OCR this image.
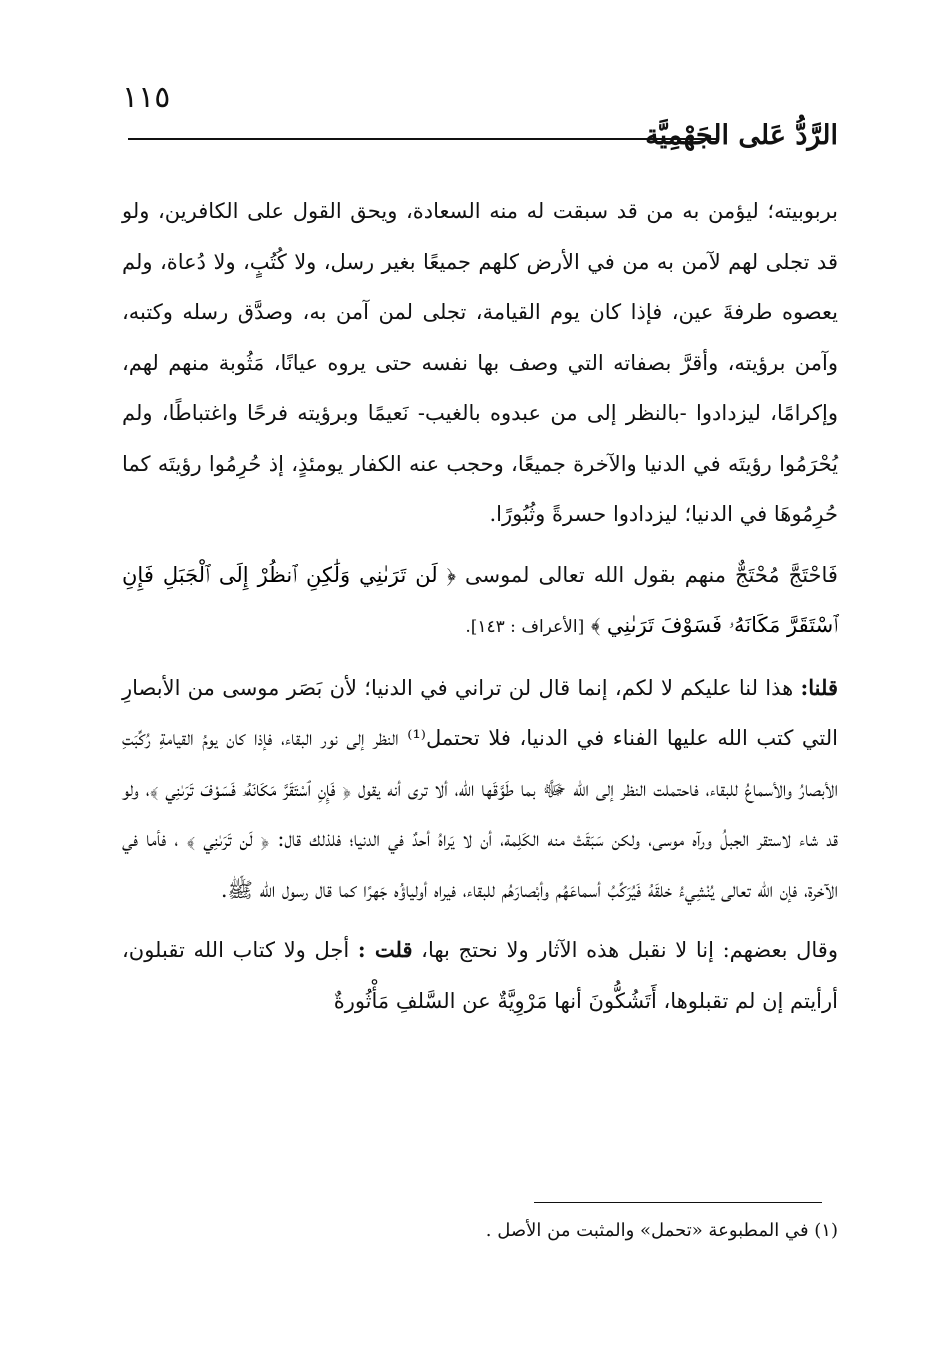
١١٥
الرَّدُّ عَلى الجَهْمِيَّة

بربوبيته؛ ليؤمن به من قد سبقت له منه السعادة، ويحق القول على الكافرين، ولو قد تجلى لهم لآمن به من في الأرض كلهم جميعًا بغير رسل، ولا كُتُبٍ، ولا دُعاة، ولم يعصوه طرفةَ عين، فإذا كان يوم القيامة، تجلى لمن آمن به، وصدَّق رسله وكتبه، وآمن برؤيته، وأقرَّ بصفاته التي وصف بها نفسه حتى يروه عيانًا، مَثُوبة منهم لهم، وإكرامًا، ليزدادوا -بالنظر إلى من عبدوه بالغيب- نَعيمًا وبرؤيته فرحًا واغتباطًا، ولم يُحْرَمُوا رؤيتَه في الدنيا والآخرة جميعًا، وحجب عنه الكفار يومئذٍ، إذ حُرِمُوا رؤيتَه كما حُرِمُوهَا في الدنيا؛ ليزدادوا حسرةً وثُبُورًا.

فَاحْتَجَّ مُحْتَجٌّ منهم بقول الله تعالى لموسى ﴿ لَن تَرَىٰنِي وَلَٰكِنِ ٱنظُرْ إِلَى ٱلْجَبَلِ فَإِنِ ٱسْتَقَرَّ مَكَانَهُۥ فَسَوْفَ تَرَىٰنِي ﴾ [الأعراف : ١٤٣].

قلنا: هذا لنا عليكم لا لكم، إنما قال لن تراني في الدنيا؛ لأن بَصَر موسى من الأبصارِ التي كتب الله عليها الفناء في الدنيا، فلا تحتمل⁽¹⁾ النظر إلى نور البقاء، فإذا كان يومُ القيامةِ رُكِّبَتِ الأبصارُ والأسماعُ للبقاء، فاحتملت النظر إلى الله ﷻ بما طَوَّقَها الله، ألا ترى أنه يقول ﴿ فَإِنِ ٱسْتَقَرَّ مَكَانَهُۥ فَسَوْفَ تَرَىٰنِي ﴾، ولو قد شاء لاستقر الجبلُ ورآه موسى، ولكن سَبَقَتْ منه الكَلِمة، أن لا يَراهُ أحدٌ في الدنيا؛ فلذلك قال: ﴿ لَن تَرَىٰنِي ﴾ ، فأما في الآخرة، فإن الله تعالى يُنْشِيءُ خلقَهُ فَيُرَكِّبُ أسماعَهُم وأبْصارَهُم للبقاء، فيراه أولياؤُه جَهرًا كما قال رسول الله ﷺ.

وقال بعضهم: إنا لا نقبل هذه الآثار ولا نحتج بها، قلت : أجل ولا كتاب الله تقبلون، أرأيتم إن لم تقبلوها، أَتَشُكُّونَ أنها مَرْوِيَّةٌ عن السَّلفِ مَأْثُورةٌ

(١) في المطبوعة «تحمل» والمثبت من الأصل .
